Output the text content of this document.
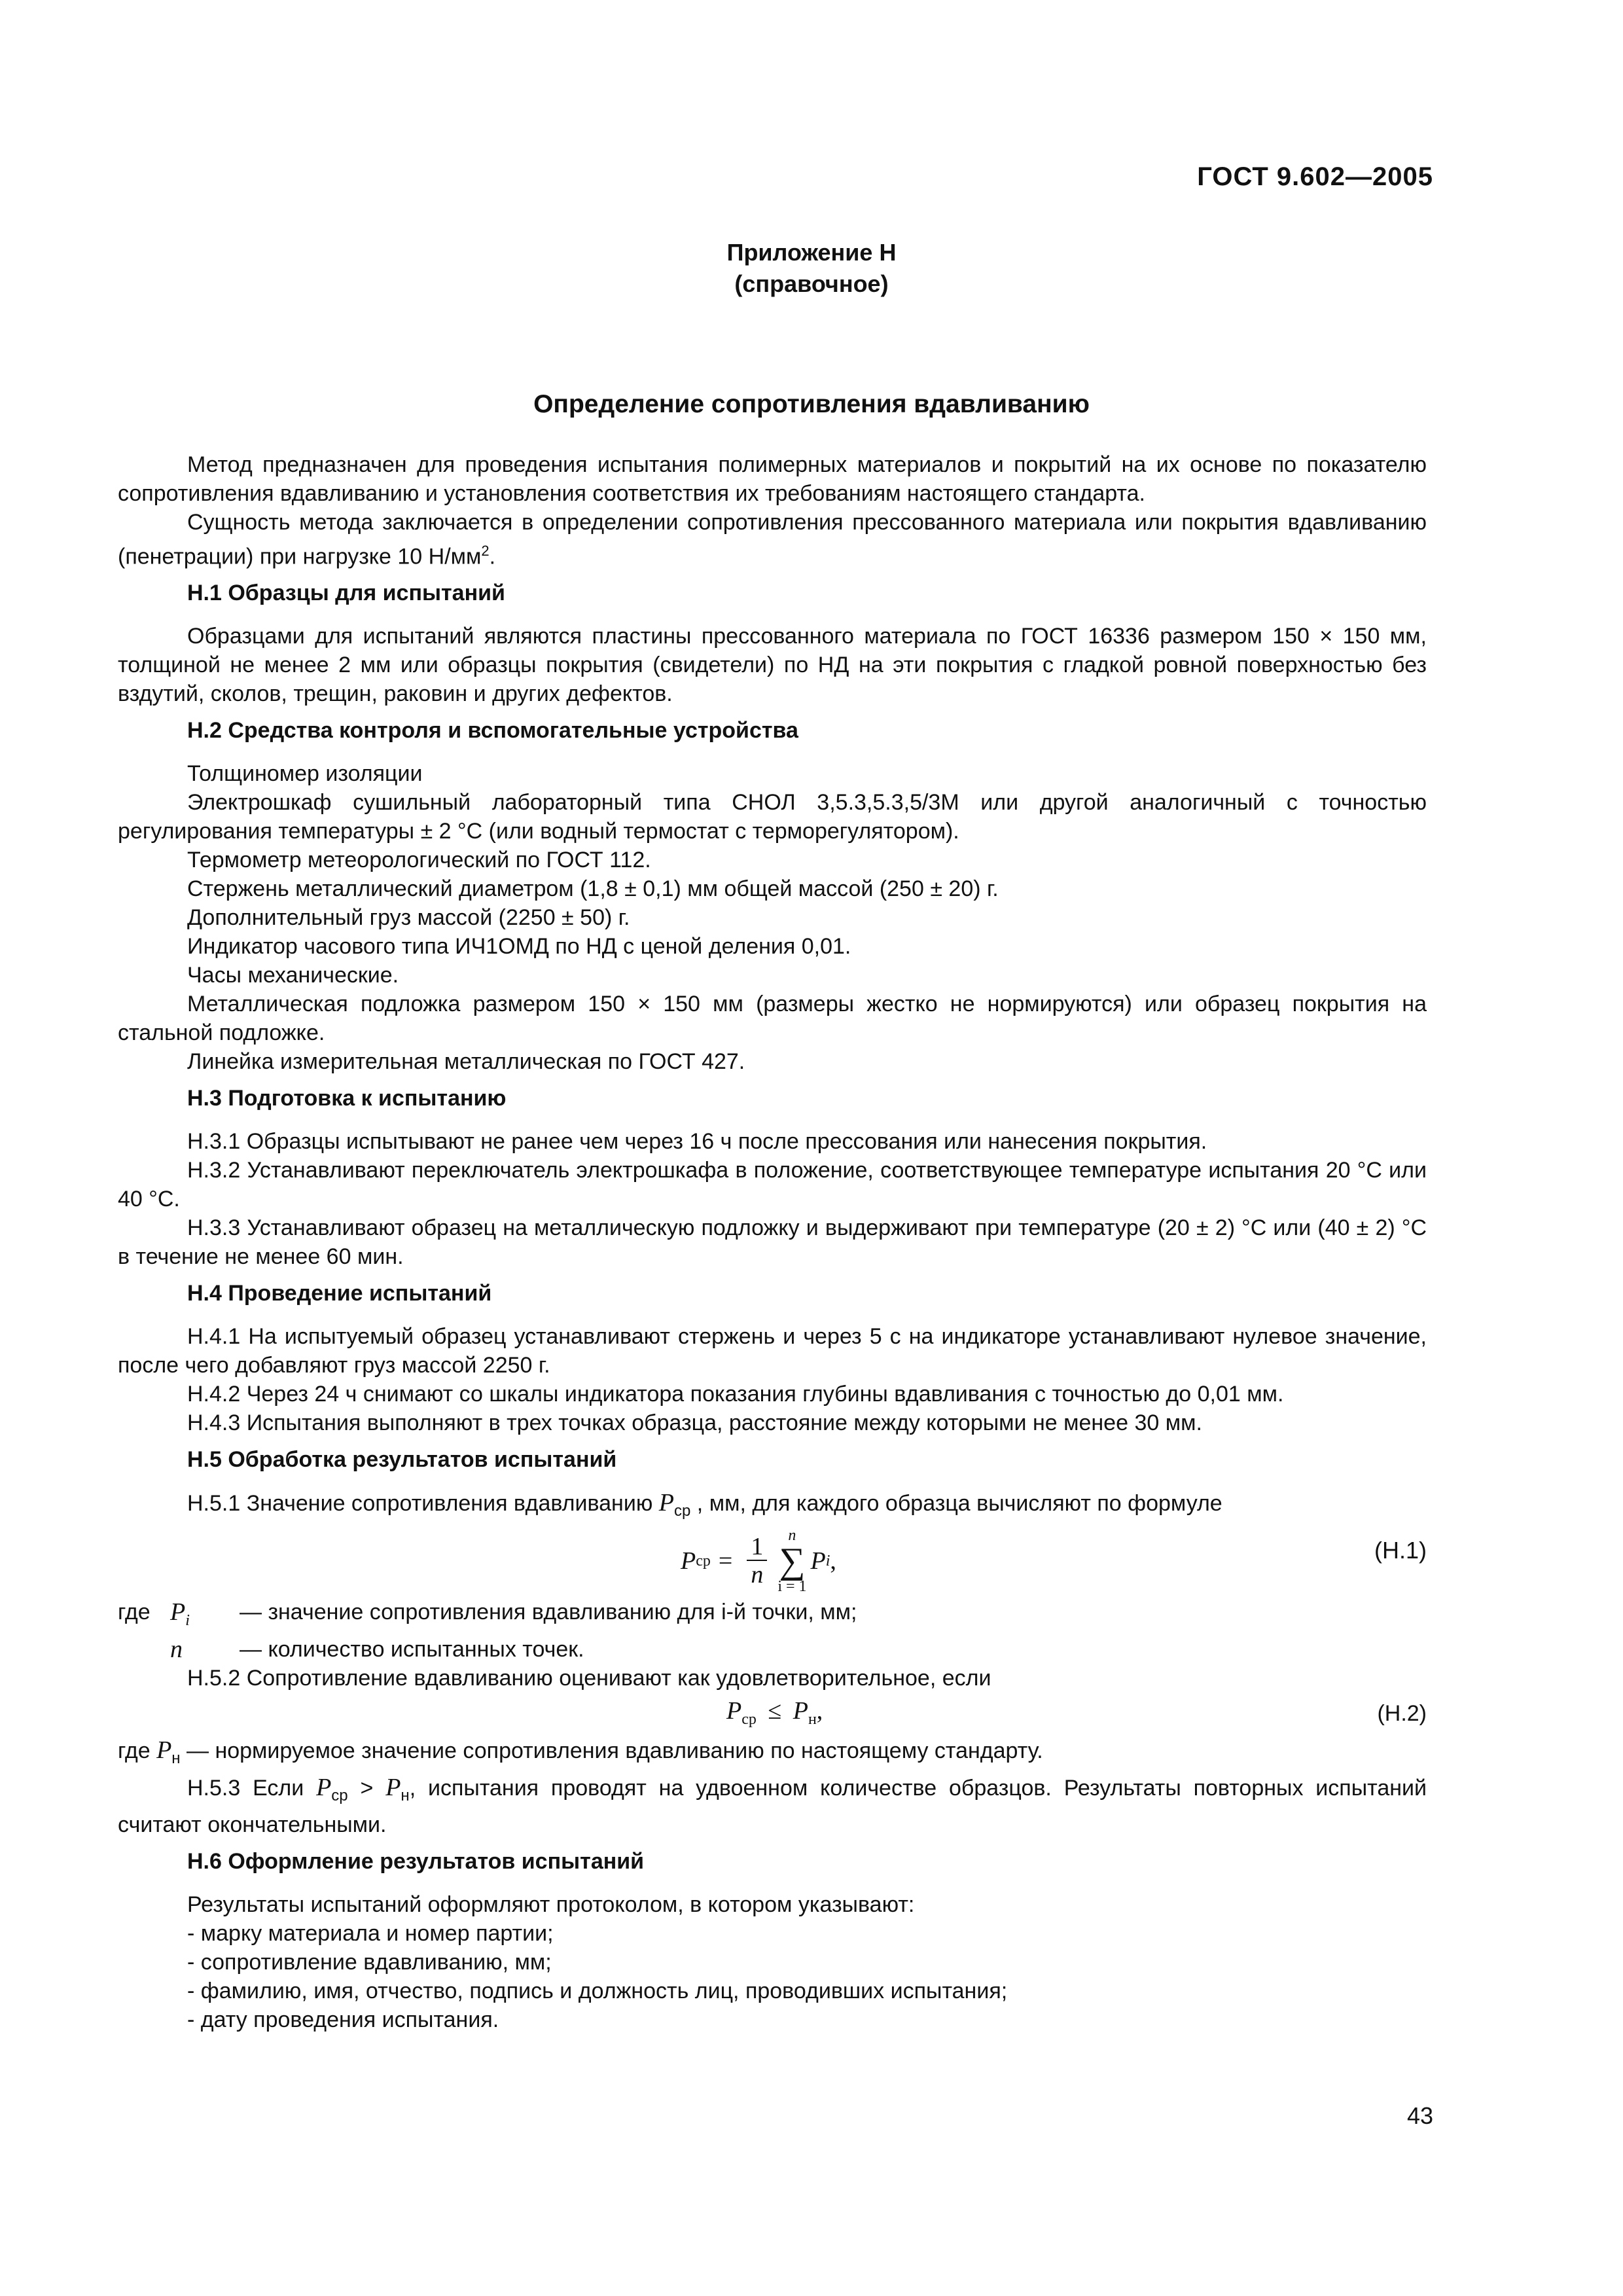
ГОСТ 9.602—2005
Приложение Н
(справочное)
Определение сопротивления вдавливанию

Метод предназначен для проведения испытания полимерных материалов и покрытий на их основе по показателю сопротивления вдавливанию и установления соответствия их требованиям настоящего стандарта.

Сущность метода заключается в определении сопротивления прессованного материала или покрытия вдавливанию (пенетрации) при нагрузке 10 $Н/мм^2$.

Н.1 Образцы для испытаний

Образцами для испытаний являются пластины прессованного материала по ГОСТ 16336 размером 150 × 150 мм, толщиной не менее 2 мм или образцы покрытия (свидетели) по НД на эти покрытия с гладкой ровной поверхностью без вздутий, сколов, трещин, раковин и других дефектов.

Н.2 Средства контроля и вспомогательные устройства

Толщиномер изоляции

Электрошкаф сушильный лабораторный типа СНОЛ 3,5.3,5.3,5/3М или другой аналогичный с точностью регулирования температуры ± 2 °С (или водный термостат с терморегулятором).

Термометр метеорологический по ГОСТ 112.

Стержень металлический диаметром (1,8 ± 0,1) мм общей массой (250 ± 20) г.

Дополнительный груз массой (2250 ± 50) г.

Индикатор часового типа ИЧ1ОМД по НД с ценой деления 0,01.

Часы механические.

Металлическая подложка размером 150 × 150 мм (размеры жестко не нормируются) или образец покрытия на стальной подложке.

Линейка измерительная металлическая по ГОСТ 427.

Н.3 Подготовка к испытанию

Н.3.1 Образцы испытывают не ранее чем через 16 ч после прессования или нанесения покрытия.

Н.3.2 Устанавливают переключатель электрошкафа в положение, соответствующее температуре испытания 20 °С или 40 °С.

Н.3.3 Устанавливают образец на металлическую подложку и выдерживают при температуре (20 ± 2) °С или (40 ± 2) °С в течение не менее 60 мин.

Н.4 Проведение испытаний

Н.4.1 На испытуемый образец устанавливают стержень и через 5 с на индикаторе устанавливают нулевое значение, после чего добавляют груз массой 2250 г.

Н.4.2 Через 24 ч снимают со шкалы индикатора показания глубины вдавливания с точностью до 0,01 мм.

Н.4.3 Испытания выполняют в трех точках образца, расстояние между которыми не менее 30 мм.

Н.5 Обработка результатов испытаний

Н.5.1 Значение сопротивления вдавливанию $P_{ср}$ , мм, для каждого образца вычисляют по формуле

P ср = $\frac{1}{n}$ n
∑
i = 1
P i ,	(Н.1)
где $P_i$	— значение сопротивления вдавливанию для i-й точки, мм;
n	— количество испытанных точек.

Н.5.2 Сопротивление вдавливанию оценивают как удовлетворительное, если

$P_{ср} \le P_н$,	(Н.2)

где $P_н$ — нормируемое значение сопротивления вдавливанию по настоящему стандарту.

Н.5.3 Если $P_{ср} > P_н$, испытания проводят на удвоенном количестве образцов. Результаты повторных испытаний считают окончательными.

Н.6 Оформление результатов испытаний

Результаты испытаний оформляют протоколом, в котором указывают:

- марку материала и номер партии;

- сопротивление вдавливанию, мм;

- фамилию, имя, отчество, подпись и должность лиц, проводивших испытания;

- дату проведения испытания.

43
